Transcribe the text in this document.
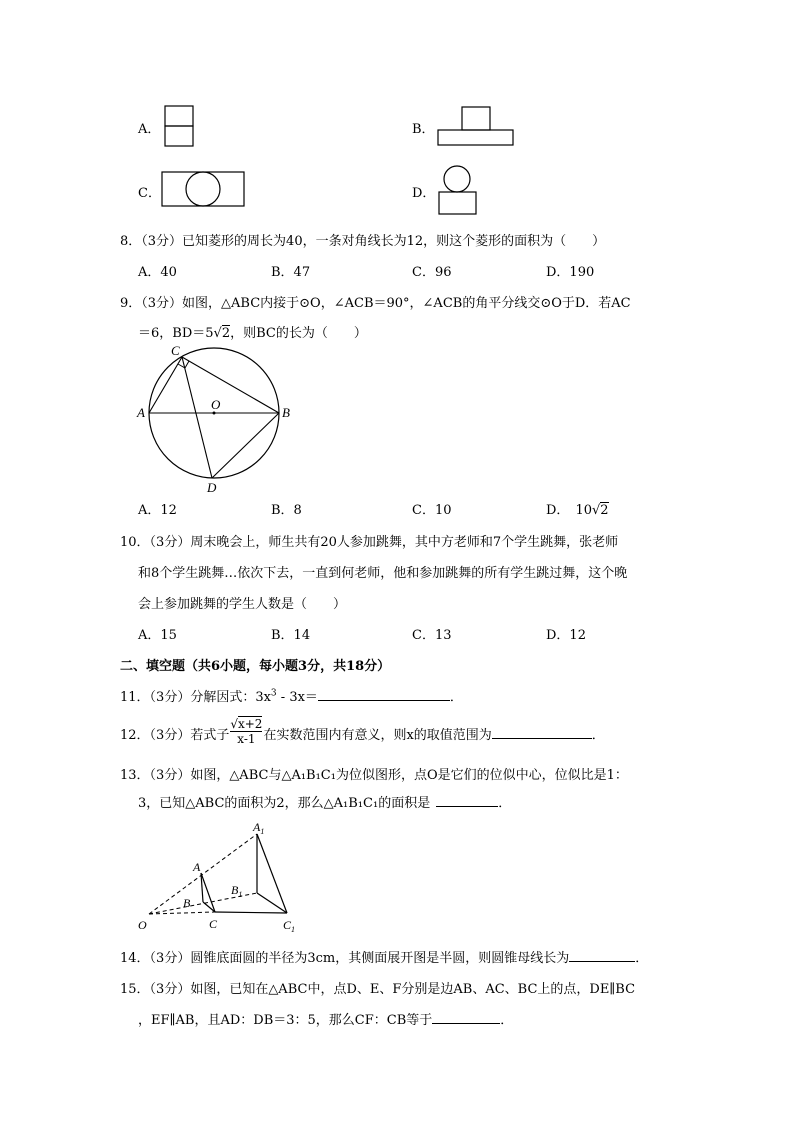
A．	B．
C．	D．
8．（3分）已知菱形的周长为40，一条对角线长为12，则这个菱形的面积为（　　）
A．40	B．47	C．96	D．190
9．（3分）如图，△ABC内接于⊙O，∠ACB＝90°，∠ACB的角平分线交⊙O于D．若AC
＝6，BD＝5√2，则BC的长为（　　）
C
A	B
O
D
A．12	B．8	C．10	D． 10√2
10．（3分）周末晚会上，师生共有20人参加跳舞，其中方老师和7个学生跳舞，张老师
和8个学生跳舞…依次下去，一直到何老师，他和参加跳舞的所有学生跳过舞，这个晚
会上参加跳舞的学生人数是（　　）
A．15	B．14	C．13	D．12
二、填空题（共6小题，每小题3分，共18分）
11．（3分）分解因式：$3x^3 - 3x=$	．
12．（3分）若式子 $\frac{√x+2}{x-1}$ 在实数范围内有意义，则x的取值范围为	．
13．（3分）如图，△ABC与△A₁B₁C₁为位似图形，点O是它们的位似中心，位似比是1：
3，已知△ABC的面积为2，那么△A₁B₁C₁的面积是	．
O
A
B
C
$A_1$
$B_1$
$C_1$
14．（3分）圆锥底面圆的半径为3cm，其侧面展开图是半圆，则圆锥母线长为	．
15．（3分）如图，已知在△ABC中，点D、E、F分别是边AB、AC、BC上的点，DE∥BC
，EF∥AB，且AD：DB＝3：5，那么CF：CB等于	．
